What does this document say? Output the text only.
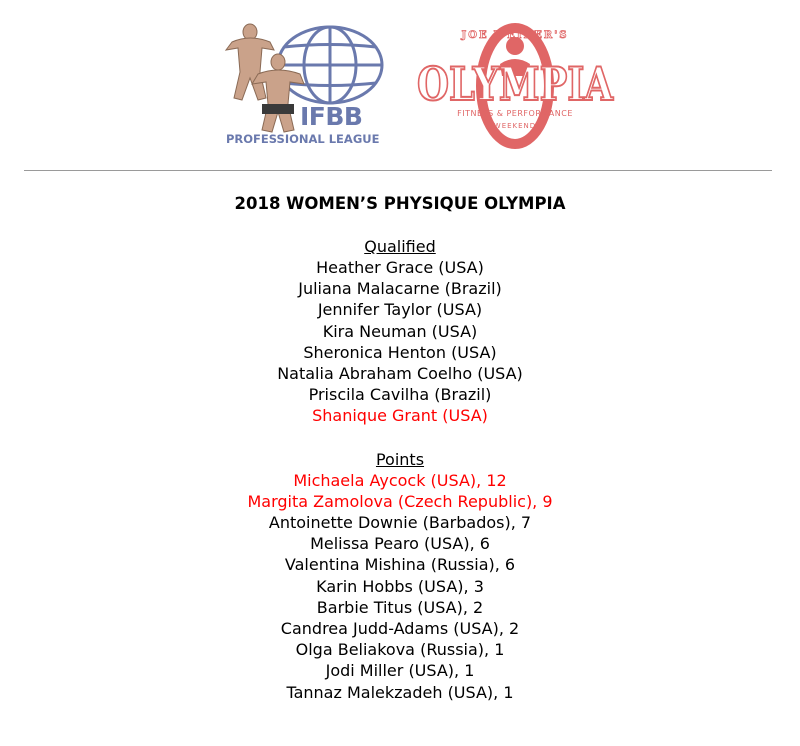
IFBB
PROFESSIONAL LEAGUE
JOE WEIDER'S
OLYMPIA
FITNESS & PERFORMANCE
WEEKEND
2018 WOMEN’S PHYSIQUE OLYMPIA
Qualified
Heather Grace (USA)
Juliana Malacarne (Brazil)
Jennifer Taylor (USA)
Kira Neuman (USA)
Sheronica Henton (USA)
Natalia Abraham Coelho (USA)
Priscila Cavilha (Brazil)
Shanique Grant (USA)
Points
Michaela Aycock (USA), 12
Margita Zamolova (Czech Republic), 9
Antoinette Downie (Barbados), 7
Melissa Pearo (USA), 6
Valentina Mishina (Russia), 6
Karin Hobbs (USA), 3
Barbie Titus (USA), 2
Candrea Judd-Adams (USA), 2
Olga Beliakova (Russia), 1
Jodi Miller (USA), 1
Tannaz Malekzadeh (USA), 1
